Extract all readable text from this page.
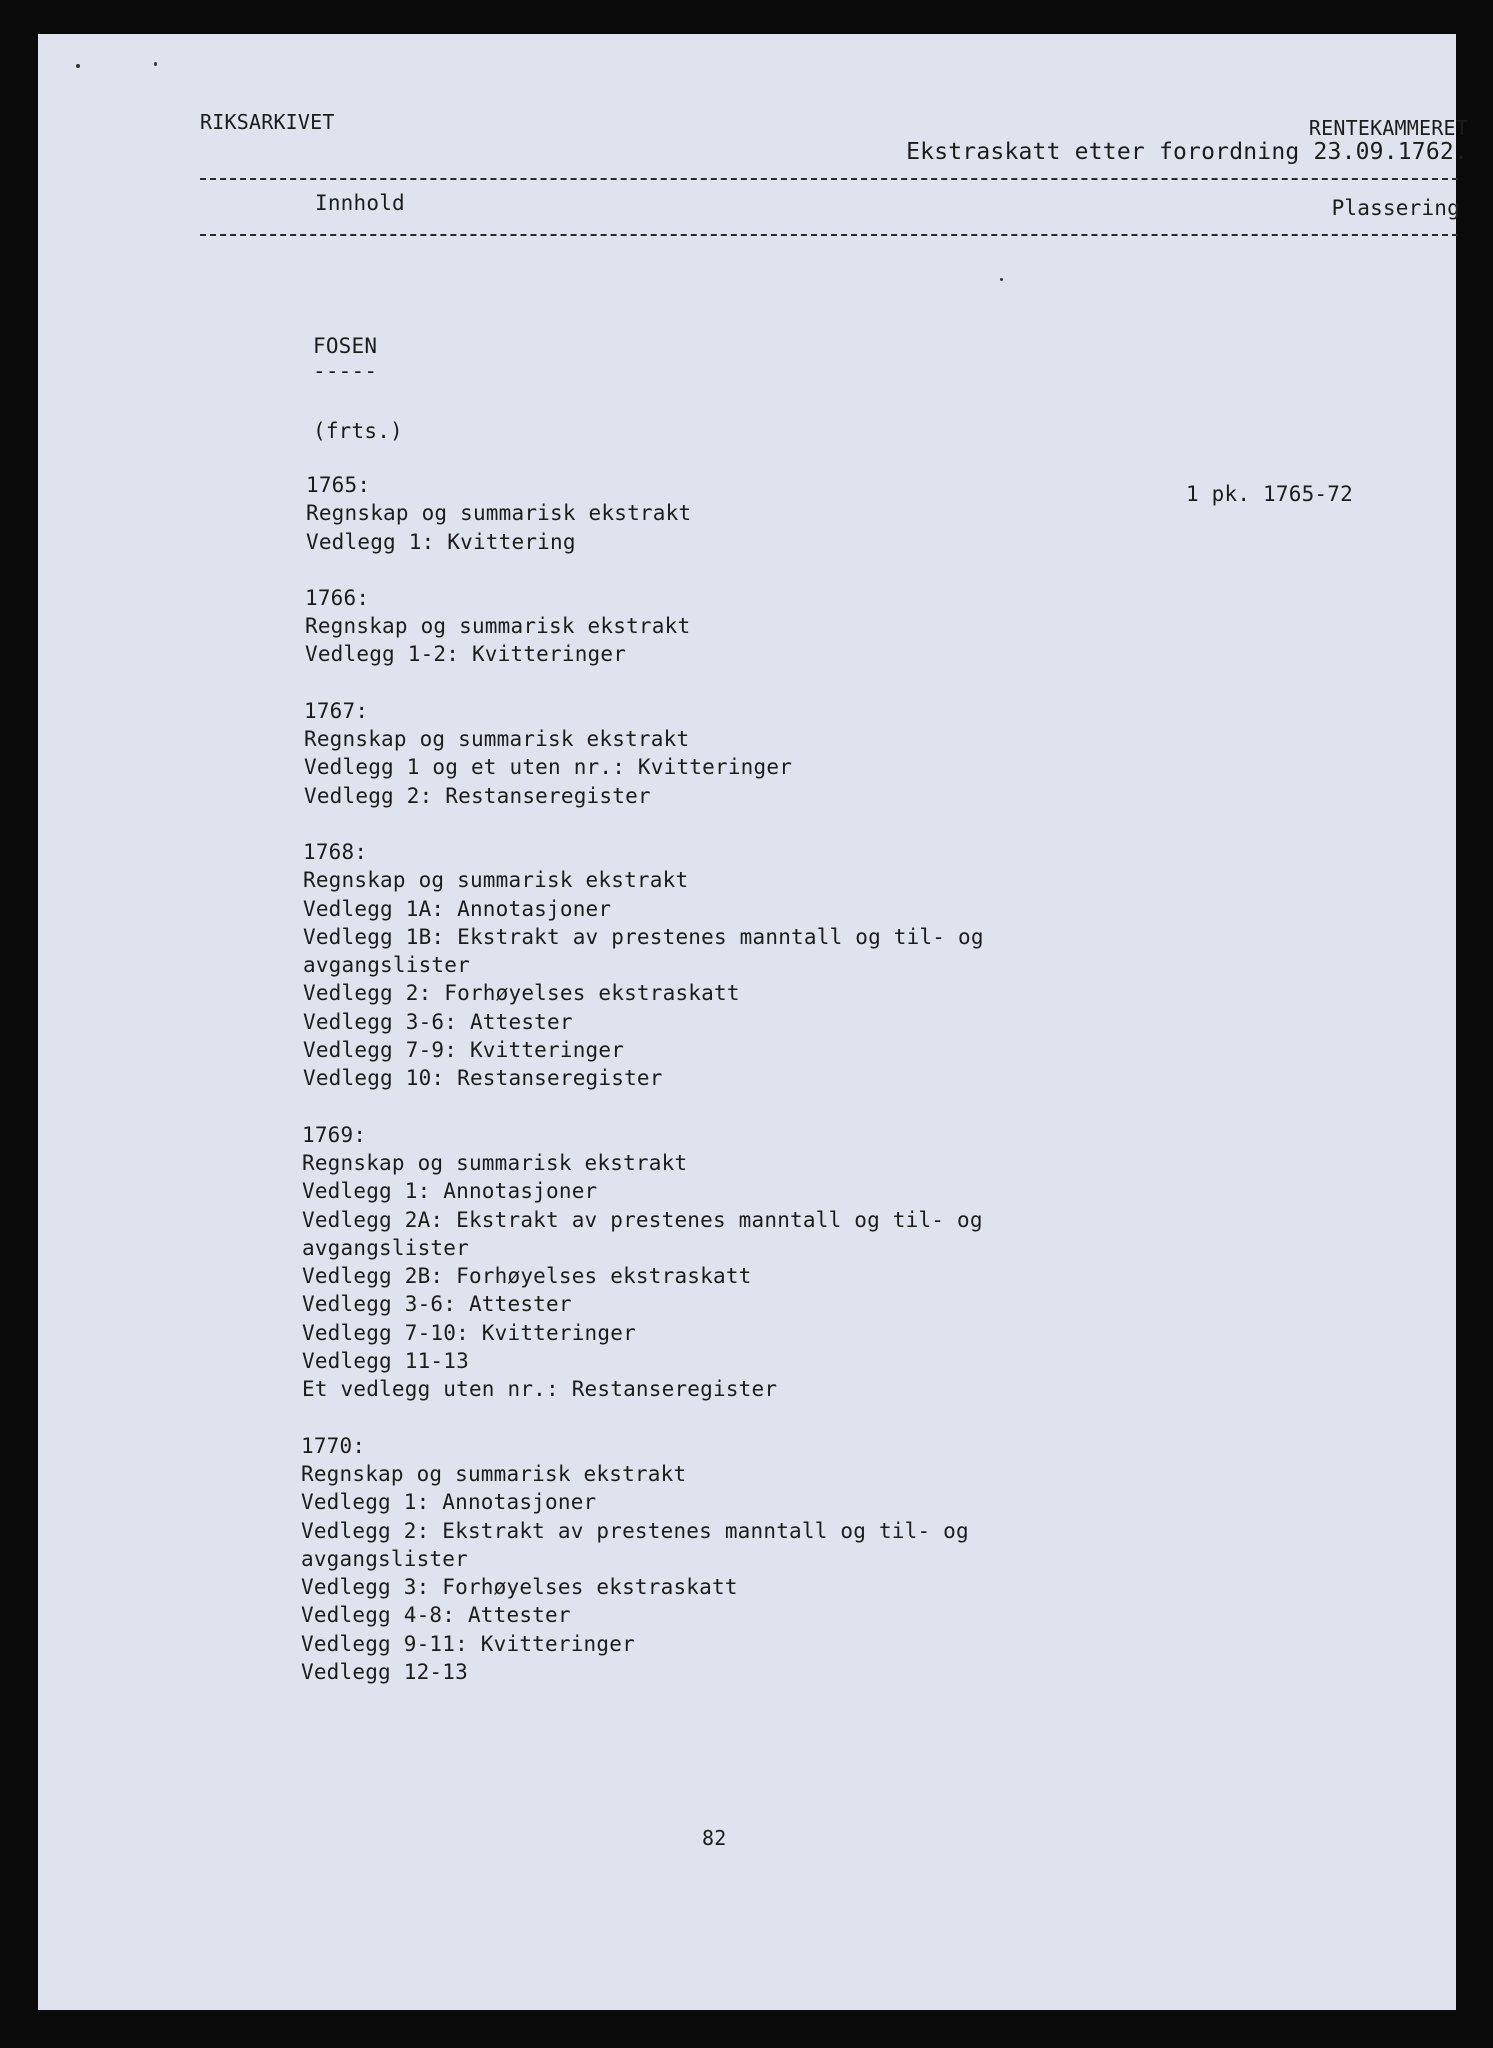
RIKSARKIVET	RENTEKAMMERET
Ekstraskatt etter forordning 23.09.1762.
Innhold	Plassering
FOSEN
-----
(frts.)
1 pk. 1765-72
1765:
Regnskap og summarisk ekstrakt
Vedlegg 1: Kvittering
1766:
Regnskap og summarisk ekstrakt
Vedlegg 1-2: Kvitteringer
1767:
Regnskap og summarisk ekstrakt
Vedlegg 1 og et uten nr.: Kvitteringer
Vedlegg 2: Restanseregister
1768:
Regnskap og summarisk ekstrakt
Vedlegg 1A: Annotasjoner
Vedlegg 1B: Ekstrakt av prestenes manntall og til- og
avgangslister
Vedlegg 2: Forhøyelses ekstraskatt
Vedlegg 3-6: Attester
Vedlegg 7-9: Kvitteringer
Vedlegg 10: Restanseregister
1769:
Regnskap og summarisk ekstrakt
Vedlegg 1: Annotasjoner
Vedlegg 2A: Ekstrakt av prestenes manntall og til- og
avgangslister
Vedlegg 2B: Forhøyelses ekstraskatt
Vedlegg 3-6: Attester
Vedlegg 7-10: Kvitteringer
Vedlegg 11-13
Et vedlegg uten nr.: Restanseregister
1770:
Regnskap og summarisk ekstrakt
Vedlegg 1: Annotasjoner
Vedlegg 2: Ekstrakt av prestenes manntall og til- og
avgangslister
Vedlegg 3: Forhøyelses ekstraskatt
Vedlegg 4-8: Attester
Vedlegg 9-11: Kvitteringer
Vedlegg 12-13
82
